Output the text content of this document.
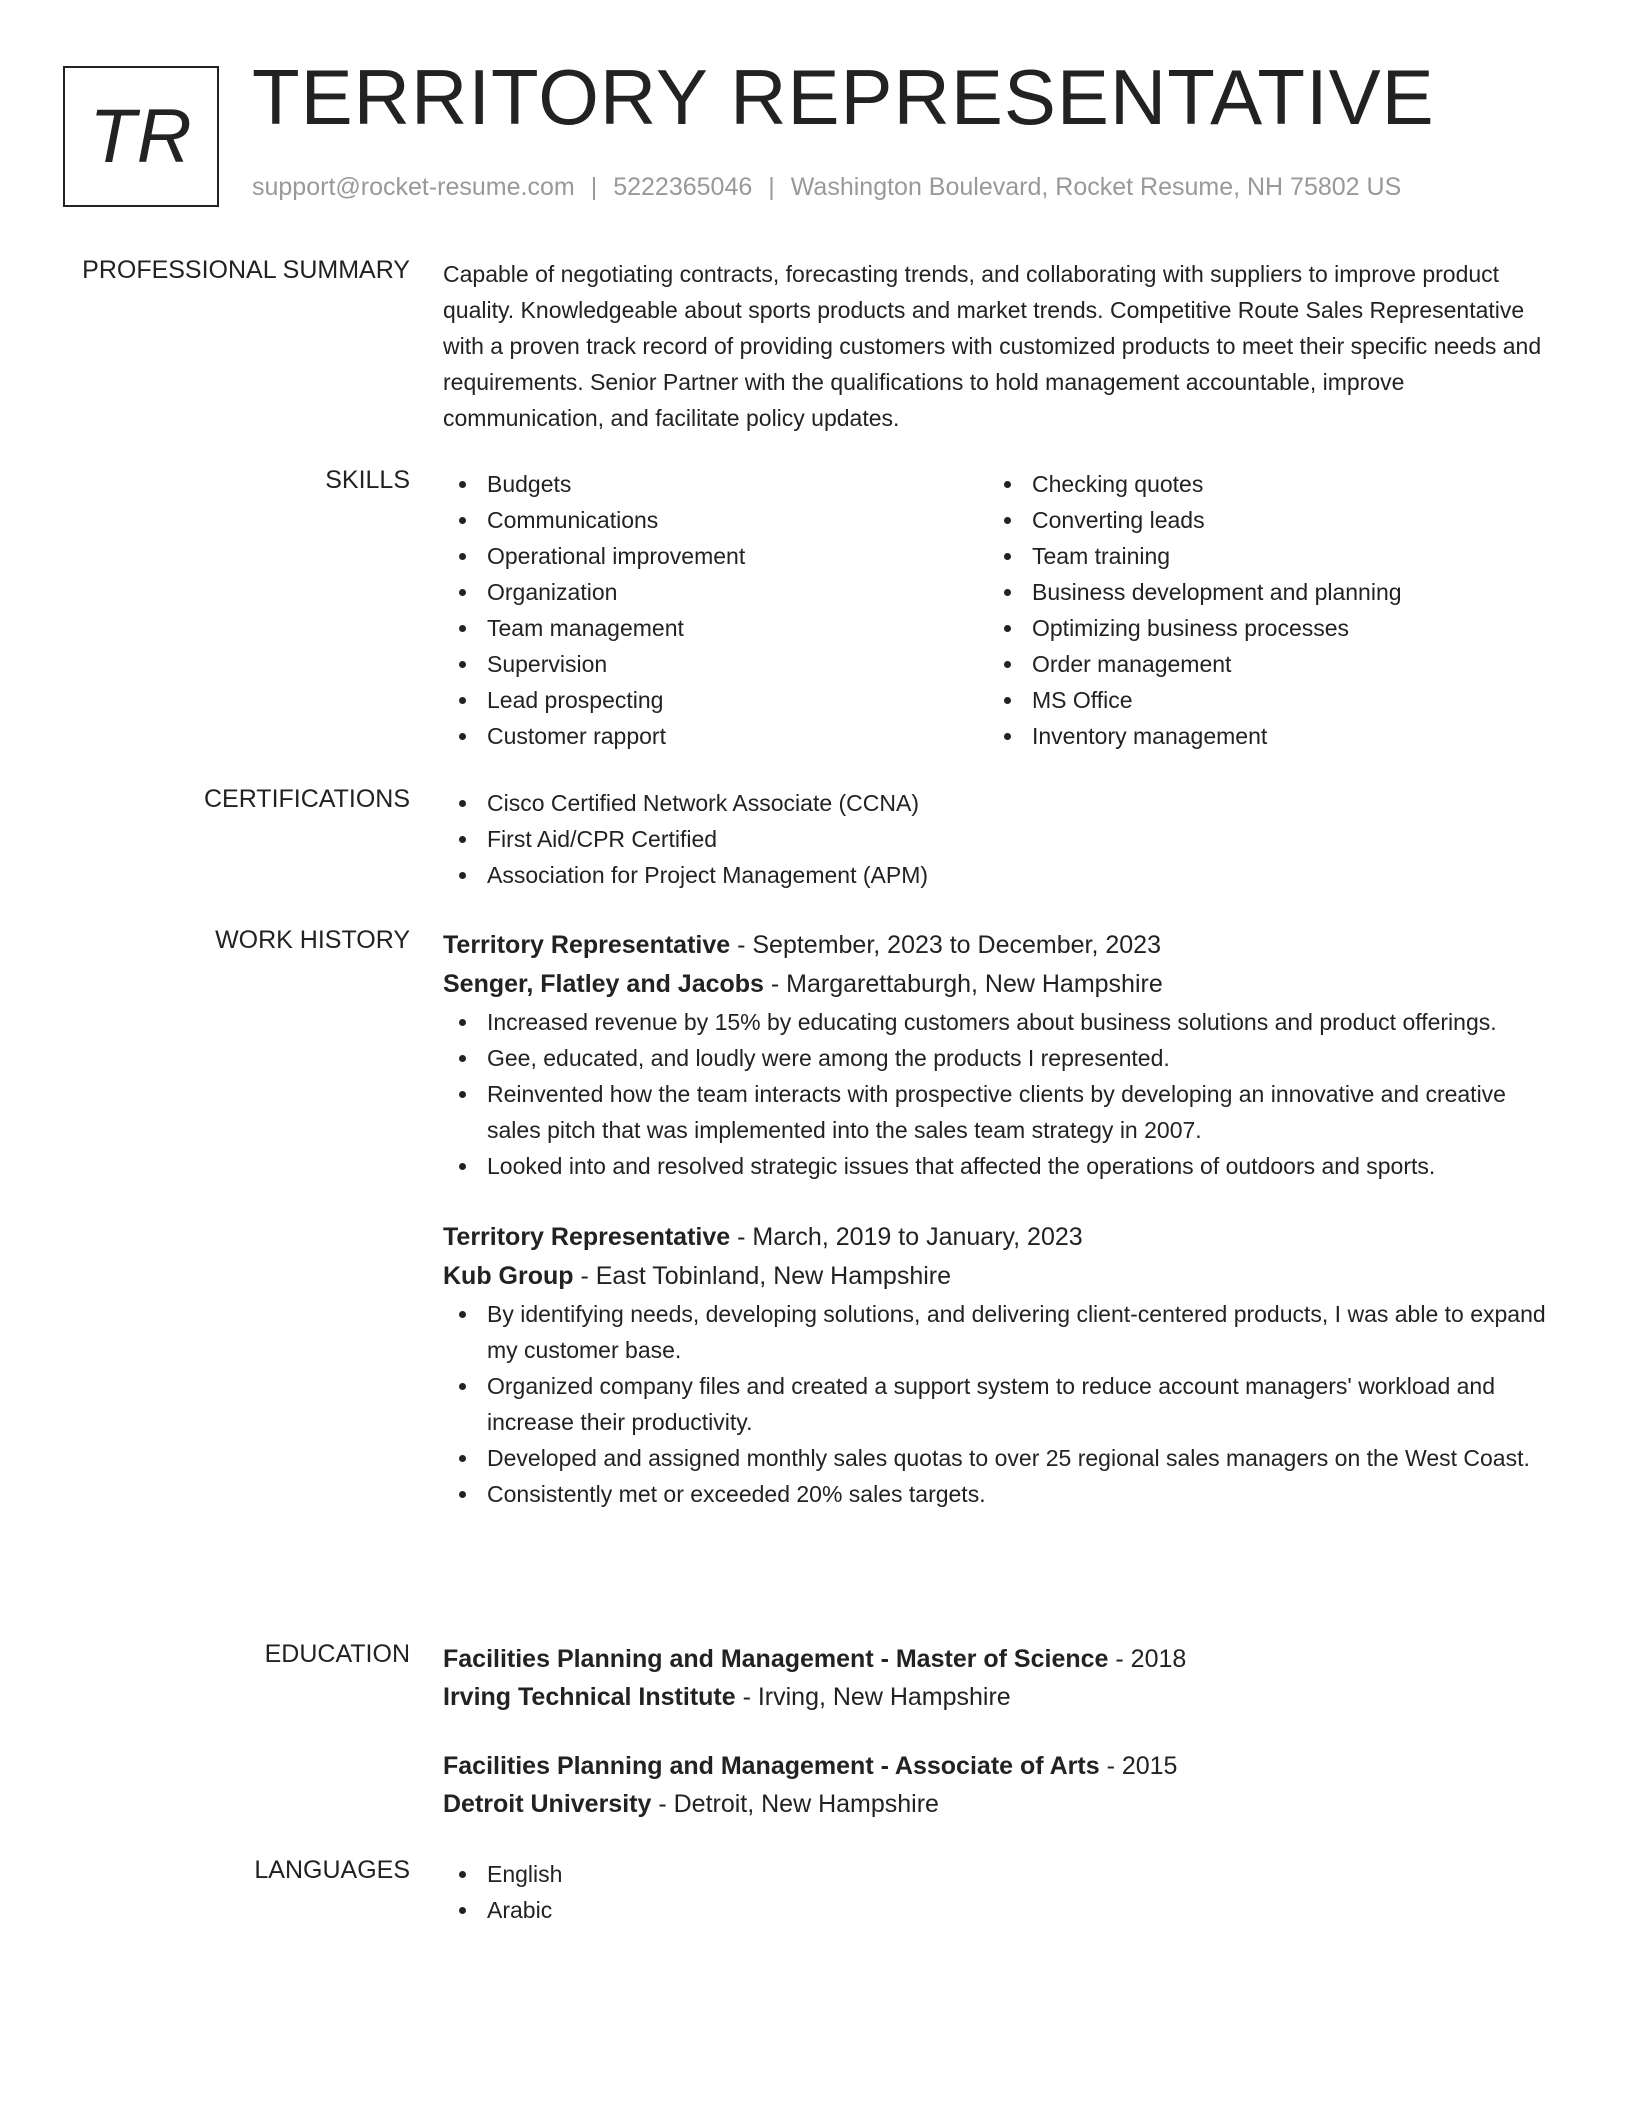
TR TERRITORY REPRESENTATIVE
support@rocket-resume.com | 5222365046 | Washington Boulevard, Rocket Resume, NH 75802 US
PROFESSIONAL SUMMARY Capable of negotiating contracts, forecasting trends, and collaborating with suppliers to improve product quality. Knowledgeable about sports products and market trends. Competitive Route Sales Representative with a proven track record of providing customers with customized products to meet their specific needs and requirements. Senior Partner with the qualifications to hold management accountable, improve communication, and facilitate policy updates.

SKILLS	Budgets
Communications
Operational improvement
Organization
Team management
Supervision
Lead prospecting
Customer rapport
Checking quotes
Converting leads
Team training
Business development and planning
Optimizing business processes
Order management
MS Office
Inventory management
CERTIFICATIONS	Cisco Certified Network Associate (CCNA)
First Aid/CPR Certified
Association for Project Management (APM)
WORK HISTORY Territory Representative - September, 2023 to December, 2023
Senger, Flatley and Jacobs - Margarettaburgh, New Hampshire
Increased revenue by 15% by educating customers about business solutions and product offerings.
Gee, educated, and loudly were among the products I represented.
Reinvented how the team interacts with prospective clients by developing an innovative and creative sales pitch that was implemented into the sales team strategy in 2007.
Looked into and resolved strategic issues that affected the operations of outdoors and sports.
Territory Representative - March, 2019 to January, 2023
Kub Group - East Tobinland, New Hampshire
By identifying needs, developing solutions, and delivering client-centered products, I was able to expand my customer base.
Organized company files and created a support system to reduce account managers' workload and increase their productivity.
Developed and assigned monthly sales quotas to over 25 regional sales managers on the West Coast.
Consistently met or exceeded 20% sales targets.
EDUCATION Facilities Planning and Management - Master of Science - 2018
Irving Technical Institute - Irving, New Hampshire
Facilities Planning and Management - Associate of Arts - 2015
Detroit University - Detroit, New Hampshire
LANGUAGES	English
Arabic
